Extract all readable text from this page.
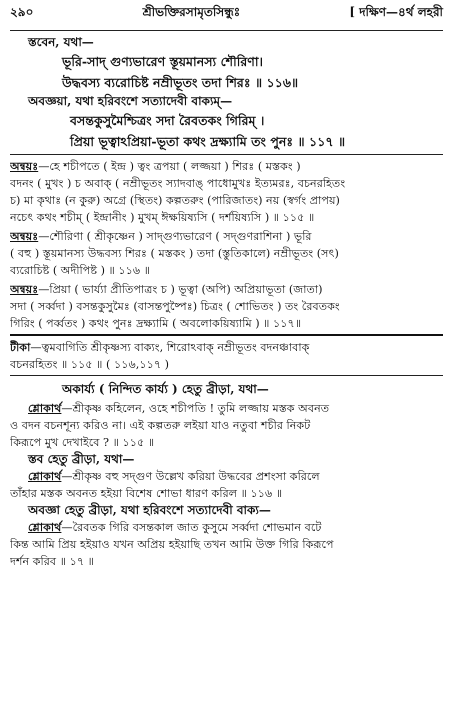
২৯০	শ্রীভক্তিরসামৃতসিন্ধুঃ	[ দক্ষিণ—৪র্থ লহরী
স্তবেন, যথা—
ভূরি-সাদ্ গুণ্যভারেণ স্তূয়মানস্য শৌরিণা।
উদ্ধবস্য ব্যরোচিষ্ট নম্রীভূতং তদা শিরঃ ॥ ১১৬॥
অবজ্ঞয়া, যথা হরিবংশে সত্যাদেবী বাক্যম্—
বসন্তকুসুমৈশ্চিত্রং সদা রৈবতকং গিরিম্ ।
প্রিয়া ভূত্বাঽপ্রিয়া-ভূতা কথং দ্রক্ষ্যামি তং পুনঃ ॥ ১১৭ ॥
অন্বয়ঃ—হে শচীপতে ( ইন্দ্র ) ত্বং ত্রপয়া ( লজ্জয়া ) শিরঃ ( মস্তকং )
বদনং ( মুখং ) চ অবাক্ ( নম্রীভূতং স্যাদবাঙ্ পাধোমুখঃ ইত্যমরঃ, বচনরহিতং
চ) মা কৃথাঃ (ন কুরু) অগ্রে (স্থিতং) কল্পতরুং (পারিজাতং) নয় (স্বর্গং প্রাপয়)
নচেৎ কথং শচীম্ ( ইন্দ্রানীং ) মুখম্ ঈক্ষয়িষ্যসি ( দর্শয়িষ্যসি ) ॥ ১১৫ ॥
অন্বয়ঃ—শৌরিণা ( শ্রীকৃষ্ণেন ) সাদ্গুণ্যভারেণ ( সদ্গুণরাশিনা ) ভূরি
( বহু ) স্তূয়মানস্য উদ্ধবস্য শিরঃ ( মস্তকং ) তদা (স্তুতিকালে) নম্রীভূতং (সৎ)
ব্যরোচিষ্ট ( অদীপিষ্ট ) ॥ ১১৬ ॥
অন্বয়ঃ—প্রিয়া ( ভার্য্যা প্রীতিপাত্রং চ ) ভূত্বা (অপি) অপ্রিয়াভূতা (জাতা)
সদা ( সর্ব্বদা ) বসন্তকুসুমৈঃ (বাসন্তপুষ্পৈঃ) চিত্রং ( শোভিতং ) তং রৈবতকং
গিরিং ( পর্ব্বতং ) কথং পুনঃ দ্রক্ষ্যামি ( অবলোকয়িষ্যামি ) ॥ ১১৭॥
টীকা—ত্বমবাগিতি শ্রীকৃষ্ণস্য বাক্যং, শিরোঽবাক্ নম্রীভূতং বদনঞ্চাবাক্
বচনরহিতং ॥ ১১৫ ॥ ( ১১৬,১১৭ )
অকার্য্য ( নিন্দিত কার্য্য ) হেতু ব্রীড়া, যথা—
শ্লোকার্থ—শ্রীকৃষ্ণ কহিলেন, ওহে শচীপতি ! তুমি লজ্জায় মস্তক অবনত
ও বদন বচনশূন্য করিও না। এই কল্পতরু লইয়া যাও নতুবা শচীর নিকট
কিরূপে মুখ দেখাইবে ? ॥ ১১৫ ॥
স্তব হেতু ব্রীড়া, যথা—
শ্লোকার্থ—শ্রীকৃষ্ণ বহু সদ্গুণ উল্লেখ করিয়া উদ্ধবের প্রশংসা করিলে
তাঁহার মস্তক অবনত হইয়া বিশেষ শোভা ধারণ করিল ॥ ১১৬ ॥
অবজ্ঞা হেতু ব্রীড়া, যথা হরিবংশে সত্যাদেবী বাক্য—
শ্লোকার্থ—রৈবতক গিরি বসন্তকাল জাত কুসুমে সর্ব্বদা শোভমান বটে
কিন্ত আমি প্রিয় হইয়াও যখন অপ্রিয় হইয়াছি তখন আমি উক্ত গিরি কিরূপে
দর্শন করিব ॥ ১৭ ॥
